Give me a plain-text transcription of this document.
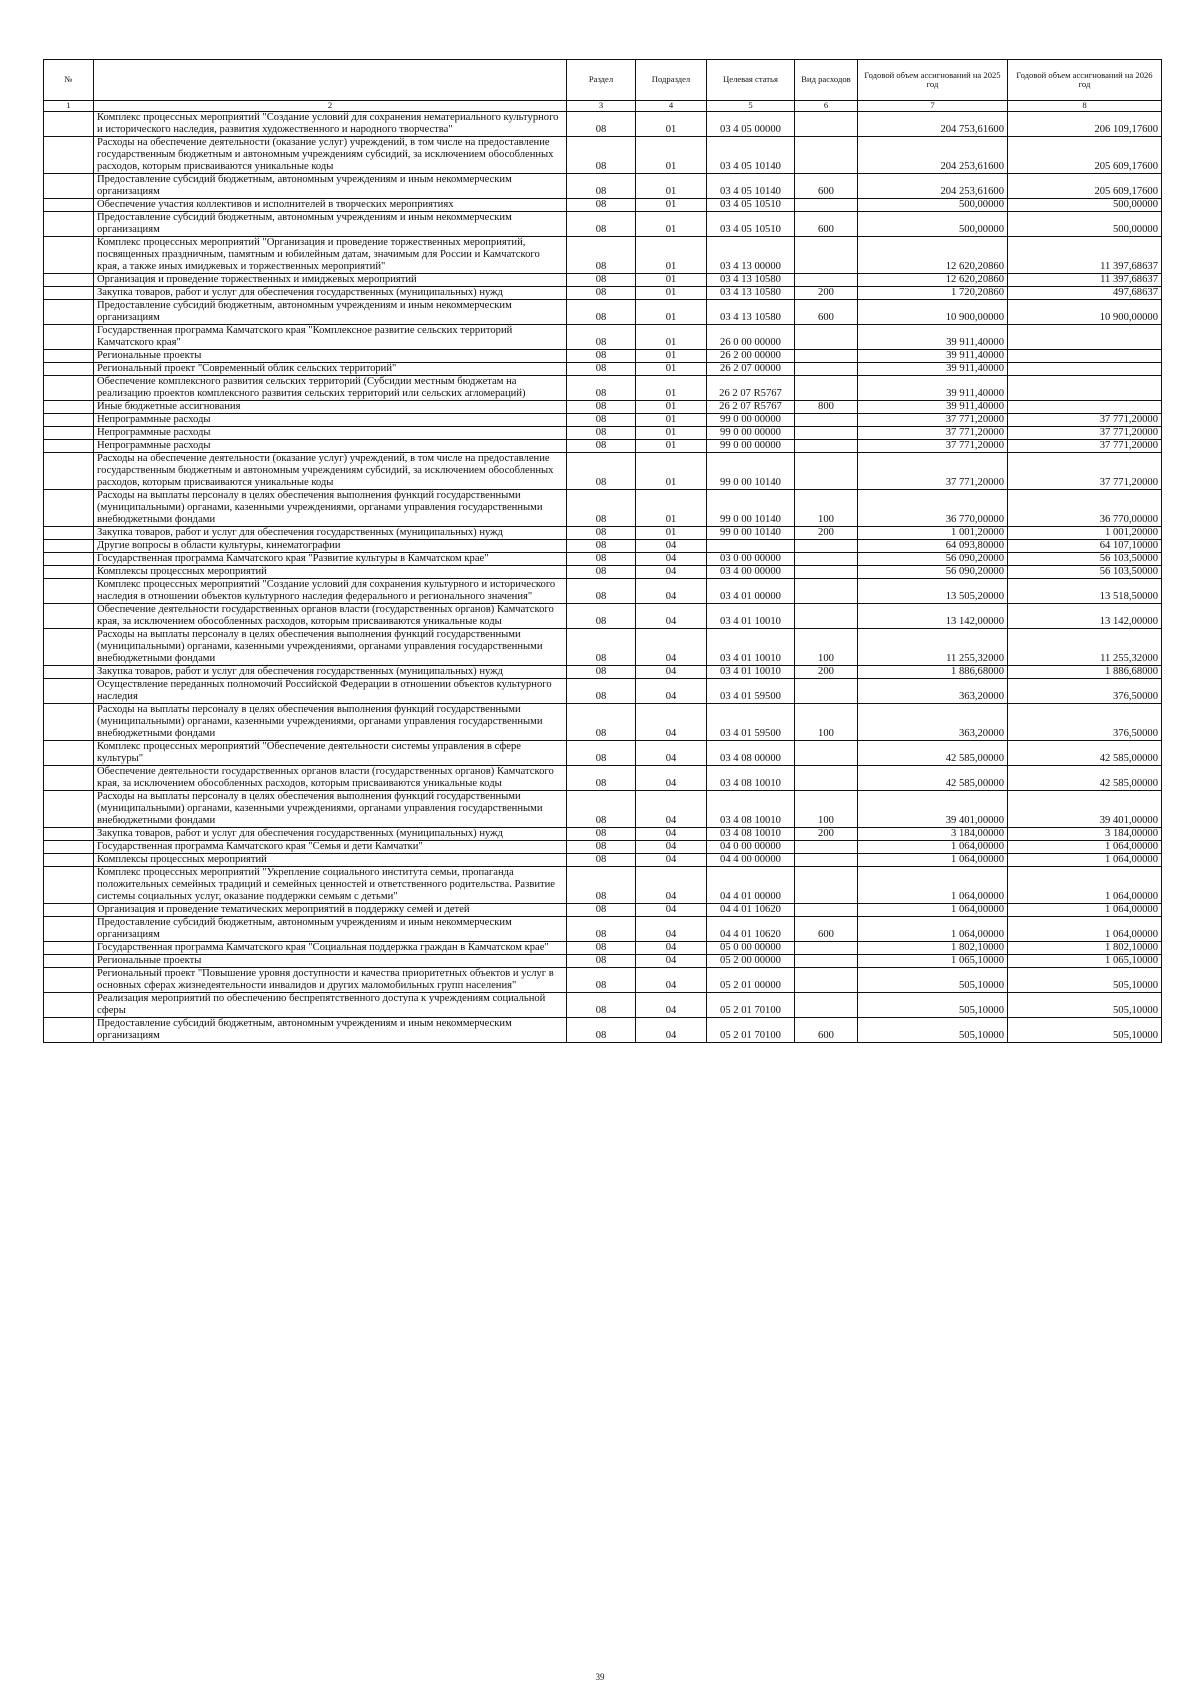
№		Раздел	Подраздел	Целевая статья	Вид расходов	Годовой объем ассигнований на 2025 год	Годовой объем ассигнований на 2026 год
1	2	3	4	5	6	7	8
	Комплекс процессных мероприятий "Создание условий для сохранения нематериального культурного и исторического наследия, развития художественного и народного творчества"	08	01	03 4 05 00000		204 753,61600	206 109,17600
	Расходы на обеспечение деятельности (оказание услуг) учреждений, в том числе на предоставление государственным бюджетным и автономным учреждениям субсидий, за исключением обособленных расходов, которым присваиваются уникальные коды	08	01	03 4 05 10140		204 253,61600	205 609,17600
	Предоставление субсидий бюджетным, автономным учреждениям и иным некоммерческим организациям	08	01	03 4 05 10140	600	204 253,61600	205 609,17600
	Обеспечение участия коллективов и исполнителей в творческих мероприятиях	08	01	03 4 05 10510		500,00000	500,00000
	Предоставление субсидий бюджетным, автономным учреждениям и иным некоммерческим организациям	08	01	03 4 05 10510	600	500,00000	500,00000
	Комплекс процессных мероприятий "Организация и проведение торжественных мероприятий, посвященных праздничным, памятным и юбилейным датам, значимым для России и Камчатского края, а также иных имиджевых и торжественных мероприятий"	08	01	03 4 13 00000		12 620,20860	11 397,68637
	Организация и проведение торжественных и имиджевых мероприятий	08	01	03 4 13 10580		12 620,20860	11 397,68637
	Закупка товаров, работ и услуг для обеспечения государственных (муниципальных) нужд	08	01	03 4 13 10580	200	1 720,20860	497,68637
	Предоставление субсидий бюджетным, автономным учреждениям и иным некоммерческим организациям	08	01	03 4 13 10580	600	10 900,00000	10 900,00000
	Государственная программа Камчатского края "Комплексное развитие сельских территорий Камчатского края"	08	01	26 0 00 00000		39 911,40000	
	Региональные проекты	08	01	26 2 00 00000		39 911,40000	
	Региональный проект "Современный облик сельских территорий"	08	01	26 2 07 00000		39 911,40000	
	Обеспечение комплексного развития сельских территорий (Субсидии местным бюджетам на реализацию проектов комплексного развития сельских территорий или сельских агломераций)	08	01	26 2 07 R5767		39 911,40000	
	Иные бюджетные ассигнования	08	01	26 2 07 R5767	800	39 911,40000	
	Непрограммные расходы	08	01	99 0 00 00000		37 771,20000	37 771,20000
	Непрограммные расходы	08	01	99 0 00 00000		37 771,20000	37 771,20000
	Непрограммные расходы	08	01	99 0 00 00000		37 771,20000	37 771,20000
	Расходы на обеспечение деятельности (оказание услуг) учреждений, в том числе на предоставление государственным бюджетным и автономным учреждениям субсидий, за исключением обособленных расходов, которым присваиваются уникальные коды	08	01	99 0 00 10140		37 771,20000	37 771,20000
	Расходы на выплаты персоналу в целях обеспечения выполнения функций государственными (муниципальными) органами, казенными учреждениями, органами управления государственными внебюджетными фондами	08	01	99 0 00 10140	100	36 770,00000	36 770,00000
	Закупка товаров, работ и услуг для обеспечения государственных (муниципальных) нужд	08	01	99 0 00 10140	200	1 001,20000	1 001,20000
	Другие вопросы в области культуры, кинематографии	08	04			64 093,80000	64 107,10000
	Государственная программа Камчатского края "Развитие культуры в Камчатском крае"	08	04	03 0 00 00000		56 090,20000	56 103,50000
	Комплексы процессных мероприятий	08	04	03 4 00 00000		56 090,20000	56 103,50000
	Комплекс процессных мероприятий "Создание условий для сохранения культурного и исторического наследия в отношении объектов культурного наследия федерального и регионального значения"	08	04	03 4 01 00000		13 505,20000	13 518,50000
	Обеспечение деятельности государственных органов власти (государственных органов) Камчатского края, за исключением обособленных расходов, которым присваиваются уникальные коды	08	04	03 4 01 10010		13 142,00000	13 142,00000
	Расходы на выплаты персоналу в целях обеспечения выполнения функций государственными (муниципальными) органами, казенными учреждениями, органами управления государственными внебюджетными фондами	08	04	03 4 01 10010	100	11 255,32000	11 255,32000
	Закупка товаров, работ и услуг для обеспечения государственных (муниципальных) нужд	08	04	03 4 01 10010	200	1 886,68000	1 886,68000
	Осуществление переданных полномочий Российской Федерации в отношении объектов культурного наследия	08	04	03 4 01 59500		363,20000	376,50000
	Расходы на выплаты персоналу в целях обеспечения выполнения функций государственными (муниципальными) органами, казенными учреждениями, органами управления государственными внебюджетными фондами	08	04	03 4 01 59500	100	363,20000	376,50000
	Комплекс процессных мероприятий "Обеспечение деятельности системы управления в сфере культуры"	08	04	03 4 08 00000		42 585,00000	42 585,00000
	Обеспечение деятельности государственных органов власти (государственных органов) Камчатского края, за исключением обособленных расходов, которым присваиваются уникальные коды	08	04	03 4 08 10010		42 585,00000	42 585,00000
	Расходы на выплаты персоналу в целях обеспечения выполнения функций государственными (муниципальными) органами, казенными учреждениями, органами управления государственными внебюджетными фондами	08	04	03 4 08 10010	100	39 401,00000	39 401,00000
	Закупка товаров, работ и услуг для обеспечения государственных (муниципальных) нужд	08	04	03 4 08 10010	200	3 184,00000	3 184,00000
	Государственная программа Камчатского края "Семья и дети Камчатки"	08	04	04 0 00 00000		1 064,00000	1 064,00000
	Комплексы процессных мероприятий	08	04	04 4 00 00000		1 064,00000	1 064,00000
	Комплекс процессных мероприятий "Укрепление социального института семьи, пропаганда положительных семейных традиций и семейных ценностей и ответственного родительства. Развитие системы социальных услуг, оказание поддержки семьям с детьми"	08	04	04 4 01 00000		1 064,00000	1 064,00000
	Организация и проведение тематических мероприятий в поддержку семей и детей	08	04	04 4 01 10620		1 064,00000	1 064,00000
	Предоставление субсидий бюджетным, автономным учреждениям и иным некоммерческим организациям	08	04	04 4 01 10620	600	1 064,00000	1 064,00000
	Государственная программа Камчатского края "Социальная поддержка граждан в Камчатском крае"	08	04	05 0 00 00000		1 802,10000	1 802,10000
	Региональные проекты	08	04	05 2 00 00000		1 065,10000	1 065,10000
	Региональный проект "Повышение уровня доступности и качества приоритетных объектов и услуг в основных сферах жизнедеятельности инвалидов и других маломобильных групп населения"	08	04	05 2 01 00000		505,10000	505,10000
	Реализация мероприятий по обеспечению беспрепятственного доступа к учреждениям социальной сферы	08	04	05 2 01 70100		505,10000	505,10000
	Предоставление субсидий бюджетным, автономным учреждениям и иным некоммерческим организациям	08	04	05 2 01 70100	600	505,10000	505,10000
39
